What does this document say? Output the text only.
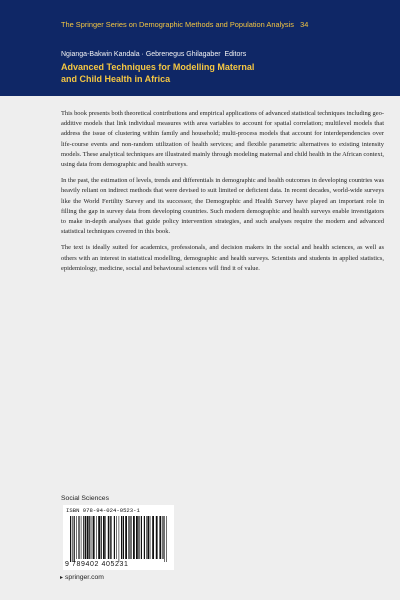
The Springer Series on Demographic Methods and Population Analysis 34

Ngianga-Bakwin Kandala · Gebrenegus Ghilagaber Editors

Advanced Techniques for Modelling Maternal
and Child Health in Africa

This book presents both theoretical contributions and empirical applications of advanced statistical techniques including geo-additive models that link individual measures with area variables to account for spatial correlation; multilevel models that address the issue of clustering within family and household; multi-process models that account for interdependencies over life-course events and non-random utilization of health services; and flexible parametric alternatives to existing intensity models. These analytical techniques are illustrated mainly through modeling maternal and child health in the African context, using data from demographic and health surveys.

In the past, the estimation of levels, trends and differentials in demographic and health outcomes in developing countries was heavily reliant on indirect methods that were devised to suit limited or deficient data. In recent decades, world-wide surveys like the World Fertility Survey and its successor, the Demographic and Health Survey have played an important role in filling the gap in survey data from developing countries. Such modern demographic and health surveys enable investigators to make in-depth analyses that guide policy intervention strategies, and such analyses require the modern and advanced statistical techniques covered in this book.

The text is ideally suited for academics, professionals, and decision makers in the social and health sciences, as well as others with an interest in statistical modelling, demographic and health surveys. Scientists and students in applied statistics, epidemiology, medicine, social and behavioural sciences will find it of value.

Social Sciences

ISBN 978-94-024-0523-1

9 789402 405231

▸ springer.com
